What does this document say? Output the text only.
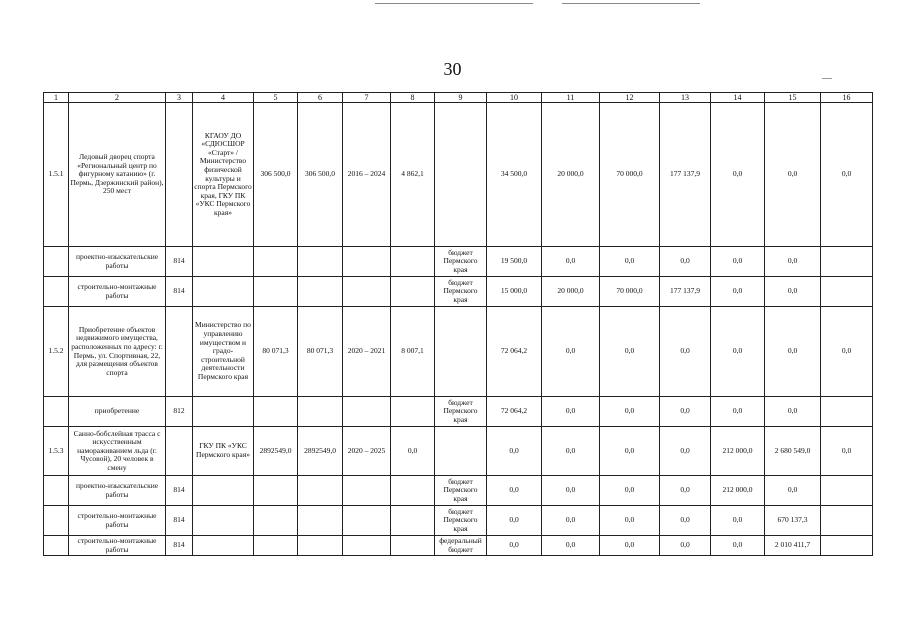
30
1	2	3	4	5	6	7	8	9	10	11	12	13	14	15	16
1.5.1	Ледовый дворец спорта «Региональный центр по фигурному катанию» (г. Пермь, Дзержинский район), 250 мест		КГАОУ ДО «СДЮСШОР «Старт» / Министерство физической культуры и спорта Пермского края, ГКУ ПК «УКС Пермского края»	306 500,0	306 500,0	2016 – 2024	4 862,1		34 500,0	20 000,0	70 000,0	177 137,9	0,0	0,0	0,0
	проектно-изыскательские работы	814						бюджет Пермского края	19 500,0	0,0	0,0	0,0	0,0	0,0	
	строительно-монтажные работы	814						бюджет Пермского края	15 000,0	20 000,0	70 000,0	177 137,9	0,0	0,0	
1.5.2	Приобретение объектов недвижимого имущества, расположенных по адресу: г. Пермь, ул. Спортивная, 22, для размещения объектов спорта		Министерство по управлению имуществом и градо-строительной деятельности Пермского края	80 071,3	80 071,3	2020 – 2021	8 007,1		72 064,2	0,0	0,0	0,0	0,0	0,0	0,0
	приобретение	812						бюджет Пермского края	72 064,2	0,0	0,0	0,0	0,0	0,0	
1.5.3	Санно-бобслейная трасса с искусственным намораживанием льда (г. Чусовой), 20 человек в смену		ГКУ ПК «УКС Пермского края»	2892549,0	2892549,0	2020 – 2025	0,0		0,0	0,0	0,0	0,0	212 000,0	2 680 549,0	0,0
	проектно-изыскательские работы	814						бюджет Пермского края	0,0	0,0	0,0	0,0	212 000,0	0,0	
	строительно-монтажные работы	814						бюджет Пермского края	0,0	0,0	0,0	0,0	0,0	670 137,3	
	строительно-монтажные работы	814						федеральный бюджет	0,0	0,0	0,0	0,0	0,0	2 010 411,7	
